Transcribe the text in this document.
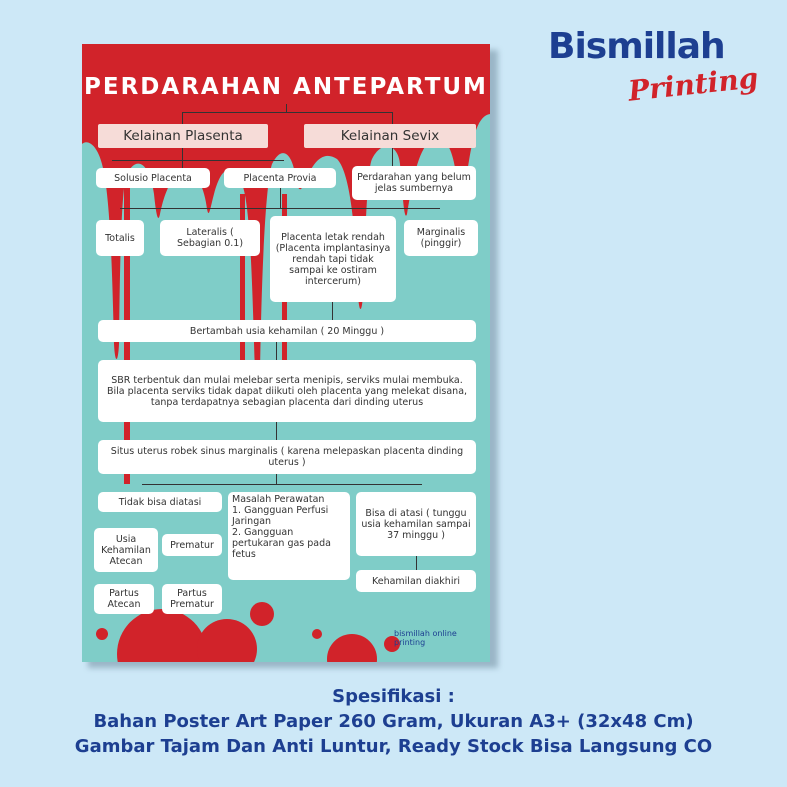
Bismillah
Printing
PERDARAHAN ANTEPARTUM
Kelainan Plasenta	Kelainan Sevix
Solusio Placenta	Placenta Provia	Perdarahan yang belum jelas sumbernya
Totalis	Lateralis ( Sebagian 0.1)
Placenta letak rendah (Placenta implantasinya rendah tapi tidak sampai ke ostiram intercerum)
Marginalis (pinggir)
Bertambah usia kehamilan ( 20 Minggu )
SBR terbentuk dan mulai melebar serta menipis, serviks mulai membuka. Bila placenta serviks tidak dapat diikuti oleh placenta yang melekat disana, tanpa terdapatnya sebagian placenta dari dinding uterus
Situs uterus robek sinus marginalis ( karena melepaskan placenta dinding uterus )
Tidak bisa diatasi	Masalah Perawatan
1. Gangguan Perfusi Jaringan
2. Gangguan pertukaran gas pada fetus
Bisa di atasi ( tunggu usia kehamilan sampai 37 minggu )
Usia Kehamilan Atecan
Prematur
Kehamilan diakhiri
Partus Atecan
Partus Prematur
bismillah online printing
Spesifikasi :
Bahan Poster Art Paper 260 Gram, Ukuran A3+ (32x48 Cm)
Gambar Tajam Dan Anti Luntur, Ready Stock Bisa Langsung CO
